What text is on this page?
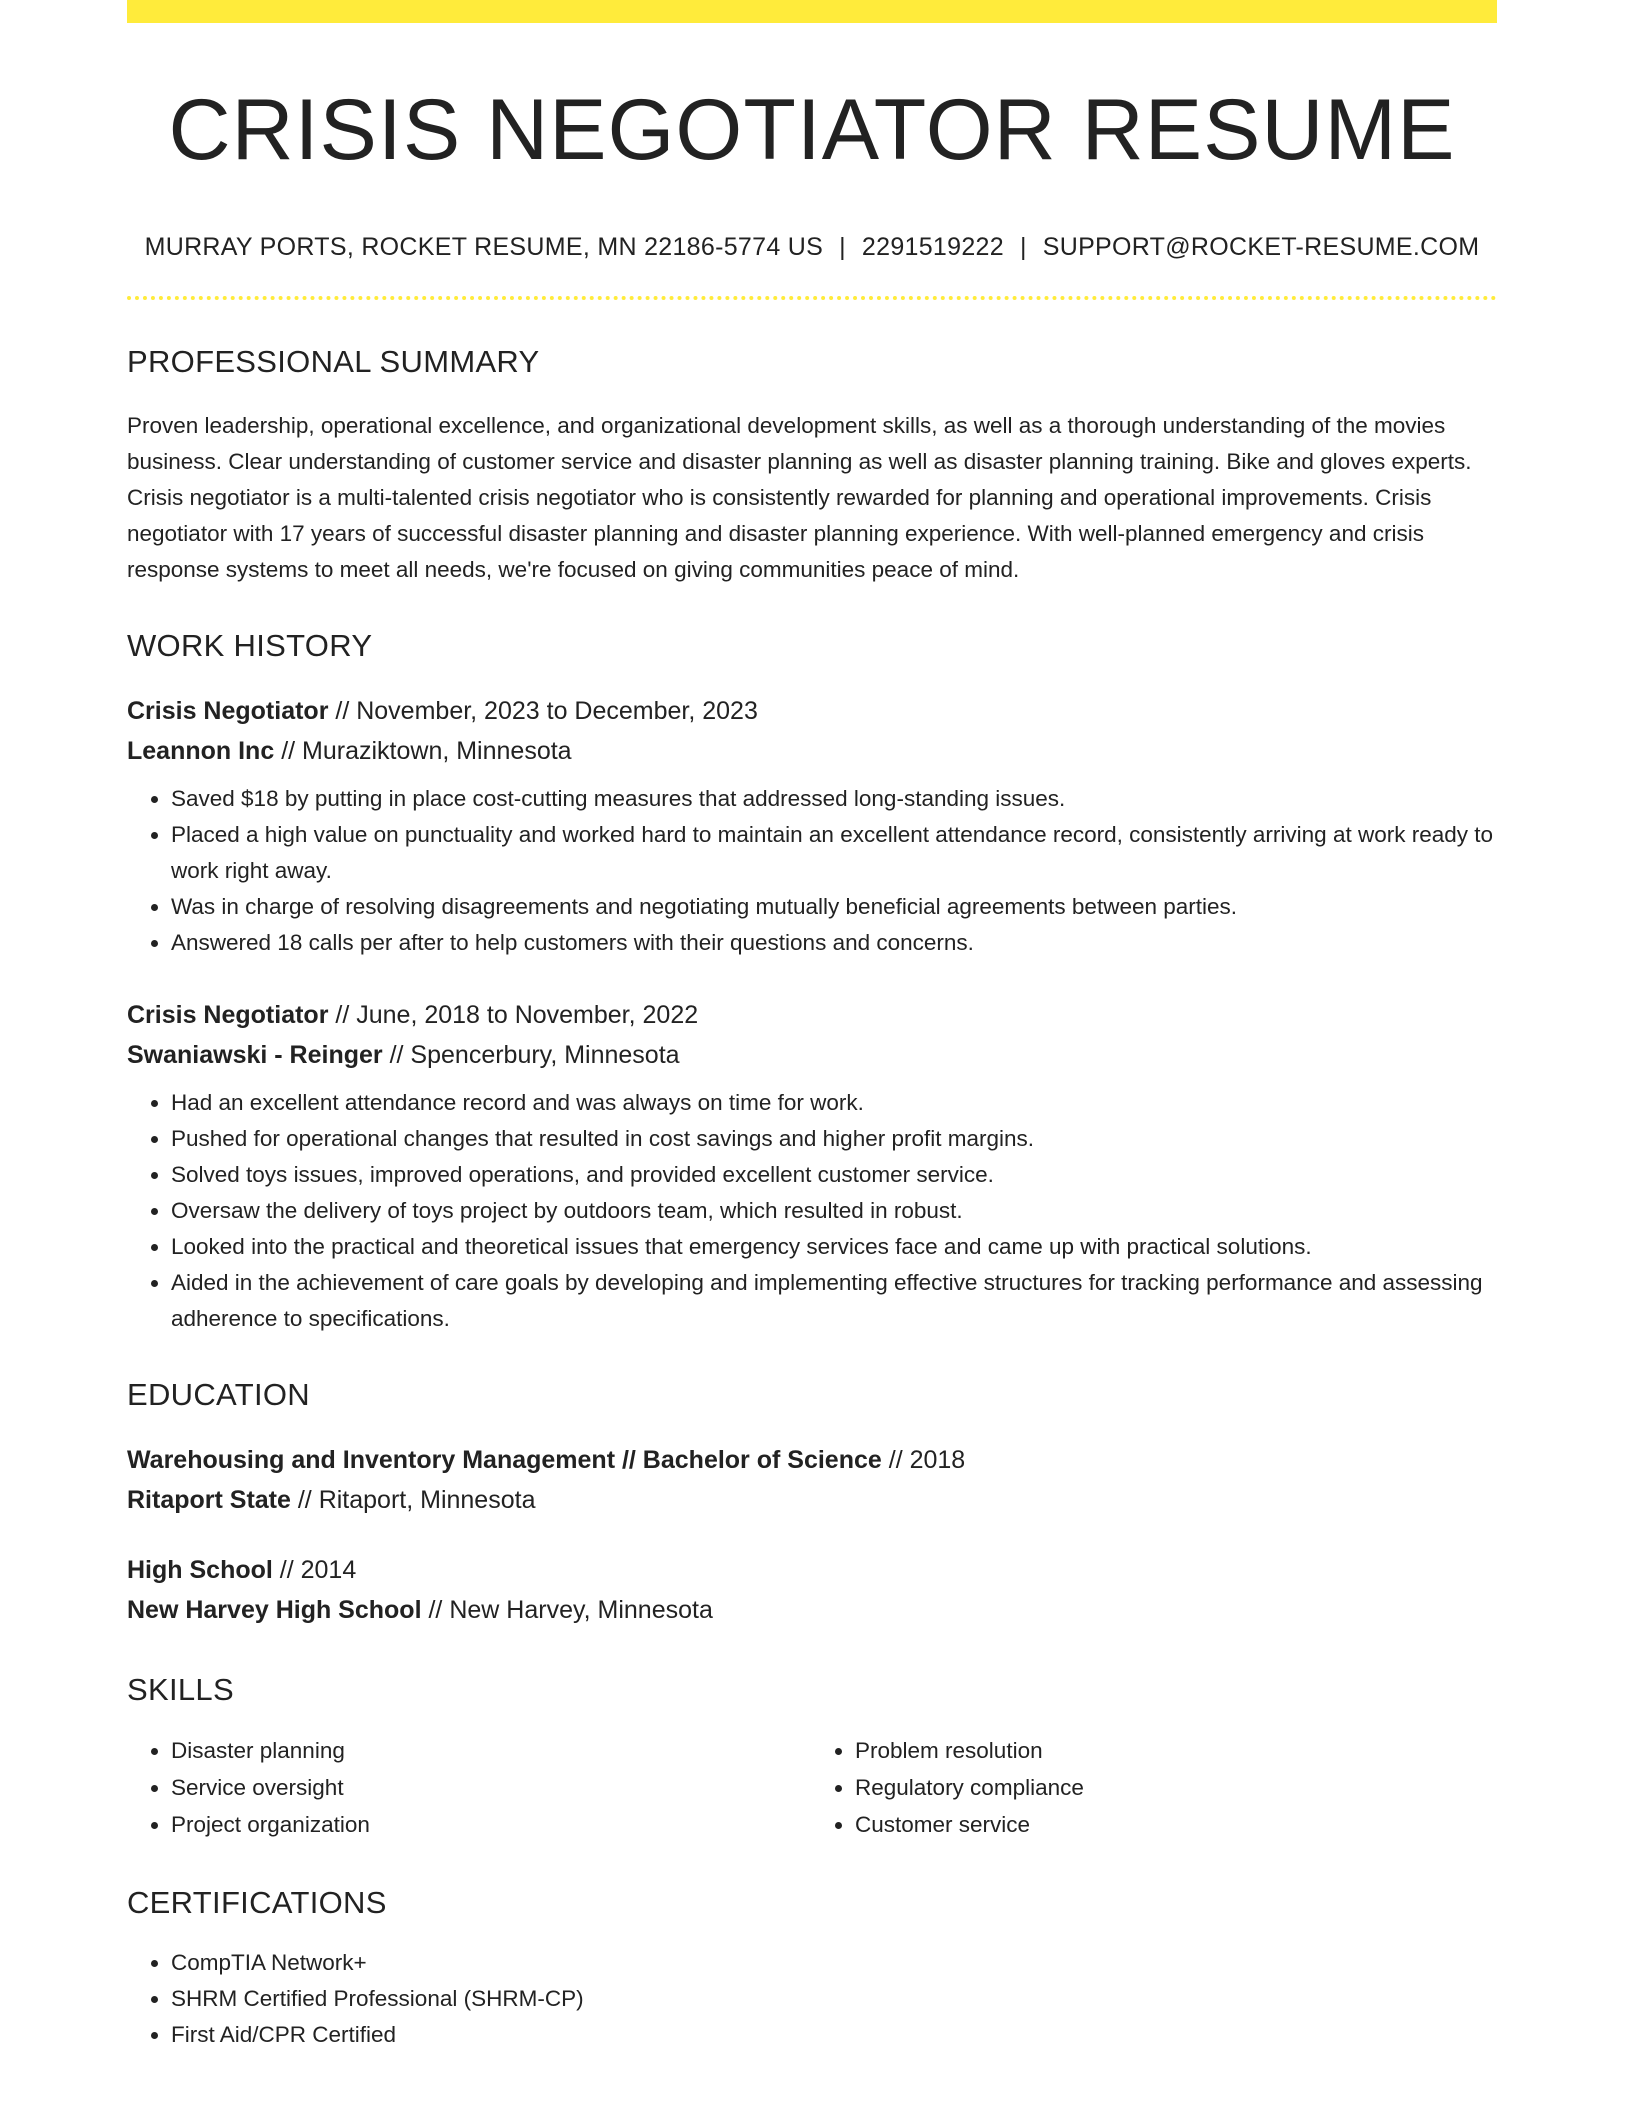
CRISIS NEGOTIATOR RESUME
MURRAY PORTS, ROCKET RESUME, MN 22186-5774 US | 2291519222 | SUPPORT@ROCKET-RESUME.COM
PROFESSIONAL SUMMARY

Proven leadership, operational excellence, and organizational development skills, as well as a thorough understanding of the movies business. Clear understanding of customer service and disaster planning as well as disaster planning training. Bike and gloves experts. Crisis negotiator is a multi-talented crisis negotiator who is consistently rewarded for planning and operational improvements. Crisis negotiator with 17 years of successful disaster planning and disaster planning experience. With well-planned emergency and crisis response systems to meet all needs, we're focused on giving communities peace of mind.

WORK HISTORY
Crisis Negotiator // November, 2023 to December, 2023
Leannon Inc // Muraziktown, Minnesota
• Saved $18 by putting in place cost-cutting measures that addressed long-standing issues.
• Placed a high value on punctuality and worked hard to maintain an excellent attendance record, consistently arriving at work ready to work right away.
• Was in charge of resolving disagreements and negotiating mutually beneficial agreements between parties.
• Answered 18 calls per after to help customers with their questions and concerns.
Crisis Negotiator // June, 2018 to November, 2022
Swaniawski - Reinger // Spencerbury, Minnesota
• Had an excellent attendance record and was always on time for work.
• Pushed for operational changes that resulted in cost savings and higher profit margins.
• Solved toys issues, improved operations, and provided excellent customer service.
• Oversaw the delivery of toys project by outdoors team, which resulted in robust.
• Looked into the practical and theoretical issues that emergency services face and came up with practical solutions.
• Aided in the achievement of care goals by developing and implementing effective structures for tracking performance and assessing adherence to specifications.
EDUCATION
Warehousing and Inventory Management // Bachelor of Science // 2018
Ritaport State // Ritaport, Minnesota
High School // 2014
New Harvey High School // New Harvey, Minnesota
SKILLS
• Disaster planning
• Service oversight
• Project organization
• Problem resolution
• Regulatory compliance
• Customer service
CERTIFICATIONS
• CompTIA Network+
• SHRM Certified Professional (SHRM-CP)
• First Aid/CPR Certified
